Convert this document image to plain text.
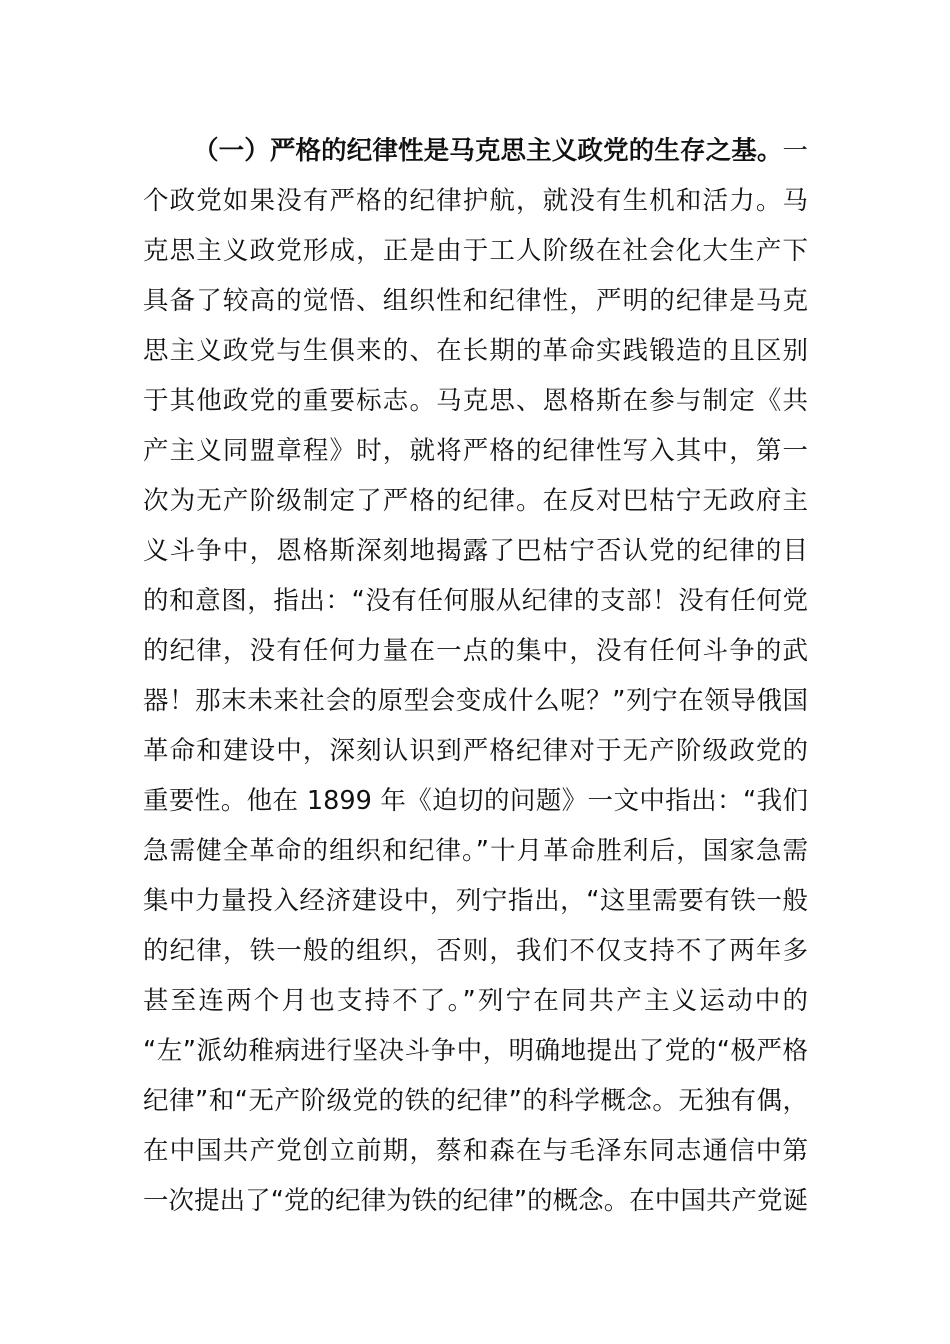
（一）严格的纪律性是马克思主义政党的生存之基。一
个政党如果没有严格的纪律护航，就没有生机和活力。马
克思主义政党形成，正是由于工人阶级在社会化大生产下
具备了较高的觉悟、组织性和纪律性，严明的纪律是马克
思主义政党与生俱来的、在长期的革命实践锻造的且区别
于其他政党的重要标志。马克思、恩格斯在参与制定《共
产主义同盟章程》时，就将严格的纪律性写入其中，第一
次为无产阶级制定了严格的纪律。在反对巴枯宁无政府主
义斗争中，恩格斯深刻地揭露了巴枯宁否认党的纪律的目
的和意图，指出：“没有任何服从纪律的支部！没有任何党
的纪律，没有任何力量在一点的集中，没有任何斗争的武
器！那末未来社会的原型会变成什么呢？”列宁在领导俄国
革命和建设中，深刻认识到严格纪律对于无产阶级政党的
重要性。他在 1899 年《迫切的问题》一文中指出：“我们
急需健全革命的组织和纪律。”十月革命胜利后，国家急需
集中力量投入经济建设中，列宁指出，“这里需要有铁一般
的纪律，铁一般的组织，否则，我们不仅支持不了两年多
甚至连两个月也支持不了。”列宁在同共产主义运动中的
“左”派幼稚病进行坚决斗争中，明确地提出了党的“极严格
纪律”和“无产阶级党的铁的纪律”的科学概念。无独有偶，
在中国共产党创立前期，蔡和森在与毛泽东同志通信中第
一次提出了“党的纪律为铁的纪律”的概念。在中国共产党诞
